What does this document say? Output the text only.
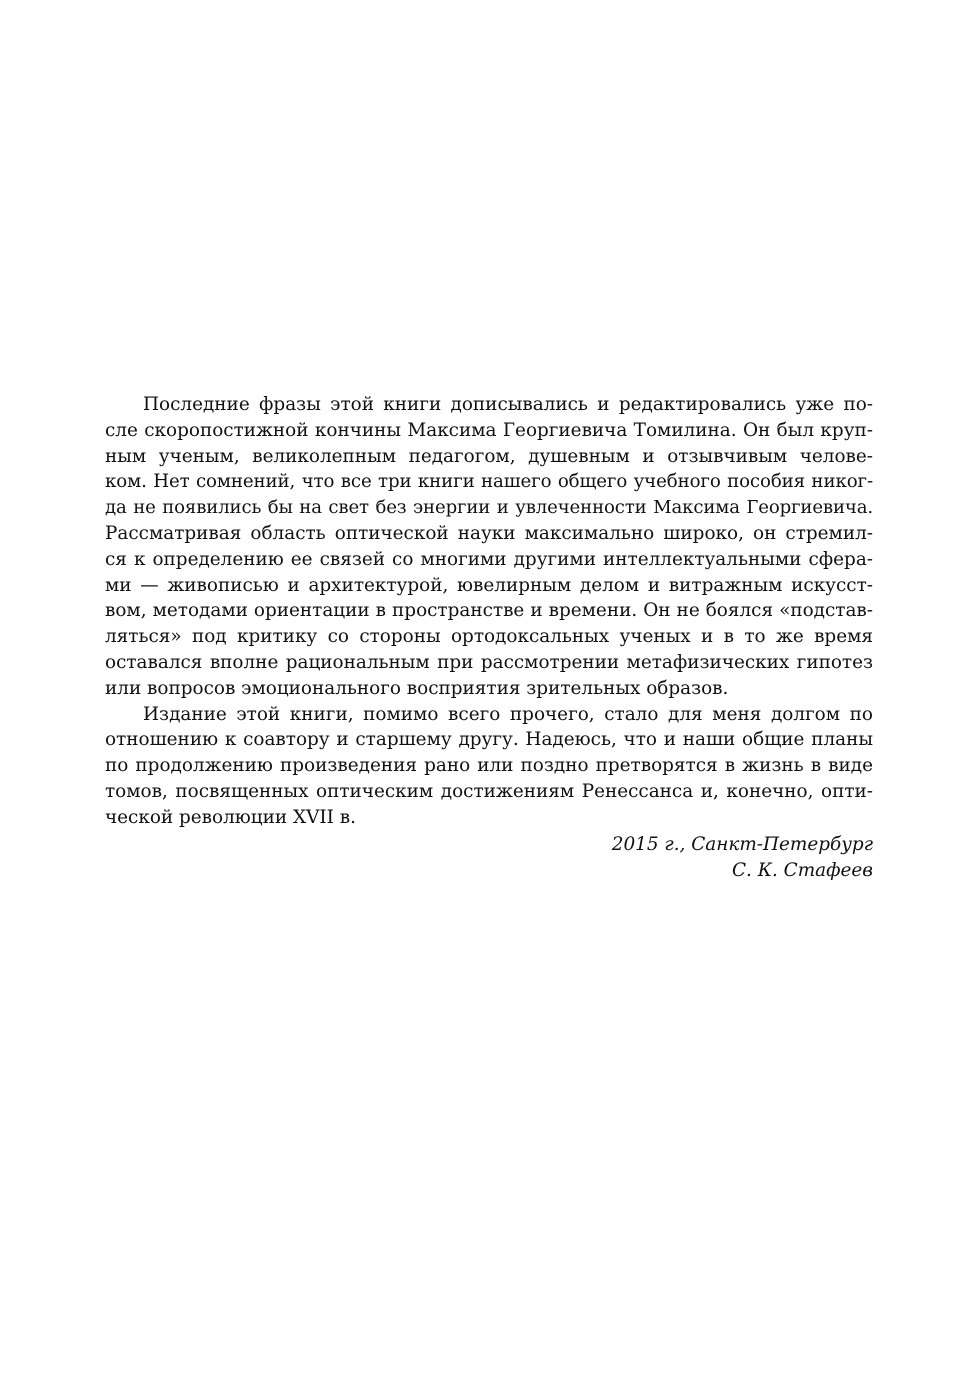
Последние фразы этой книги дописывались и редактировались уже по-
сле скоропостижной кончины Максима Георгиевича Томилина. Он был круп-
ным ученым, великолепным педагогом, душевным и отзывчивым челове-
ком. Нет сомнений, что все три книги нашего общего учебного пособия никог-
да не появились бы на свет без энергии и увлеченности Максима Георгиевича.
Рассматривая область оптической науки максимально широко, он стремил-
ся к определению ее связей со многими другими интеллектуальными сфера-
ми — живописью и архитектурой, ювелирным делом и витражным искусст-
вом, методами ориентации в пространстве и времени. Он не боялся «подстав-
ляться» под критику со стороны ортодоксальных ученых и в то же время
оставался вполне рациональным при рассмотрении метафизических гипотез
или вопросов эмоционального восприятия зрительных образов.
Издание этой книги, помимо всего прочего, стало для меня долгом по
отношению к соавтору и старшему другу. Надеюсь, что и наши общие планы
по продолжению произведения рано или поздно претворятся в жизнь в виде
томов, посвященных оптическим достижениям Ренессанса и, конечно, опти-
ческой революции XVII в.
2015 г., Санкт-Петербург
С. К. Стафеев
